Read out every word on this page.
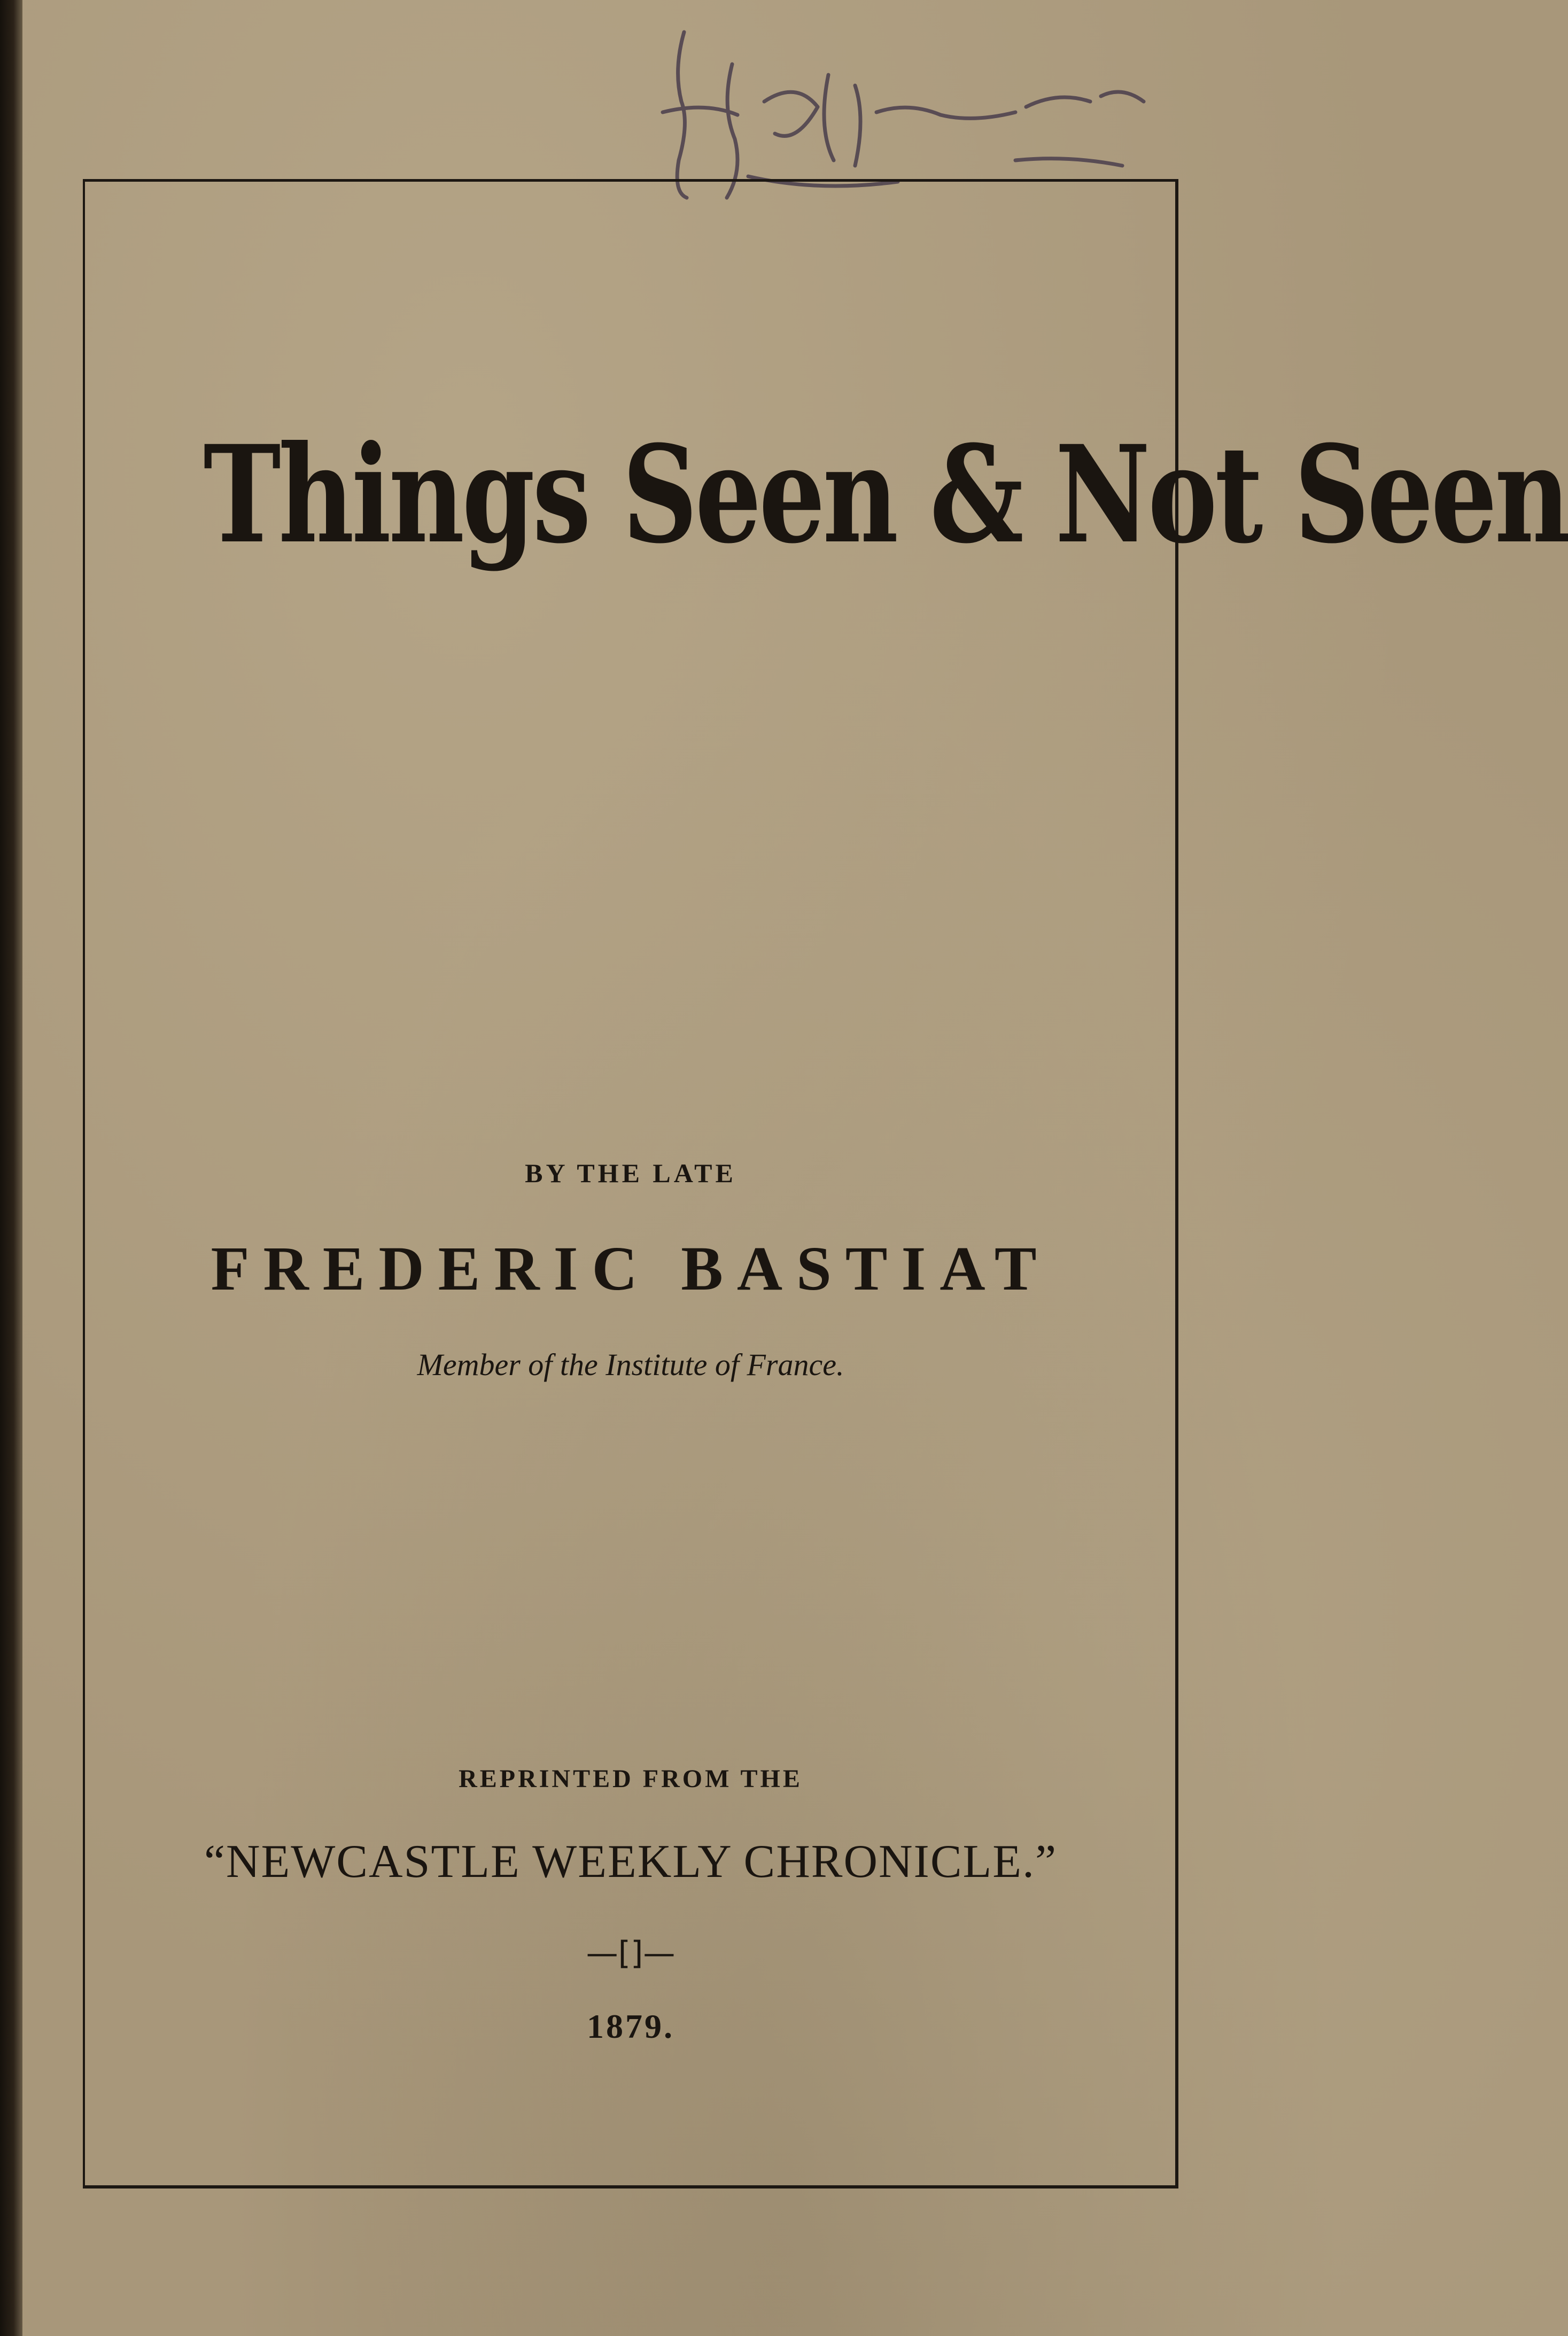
Things Seen & Not Seen

BY THE LATE

FREDERIC BASTIAT

Member of the Institute of France.

REPRINTED FROM THE

“NEWCASTLE WEEKLY CHRONICLE.”

—[]—

1879.
